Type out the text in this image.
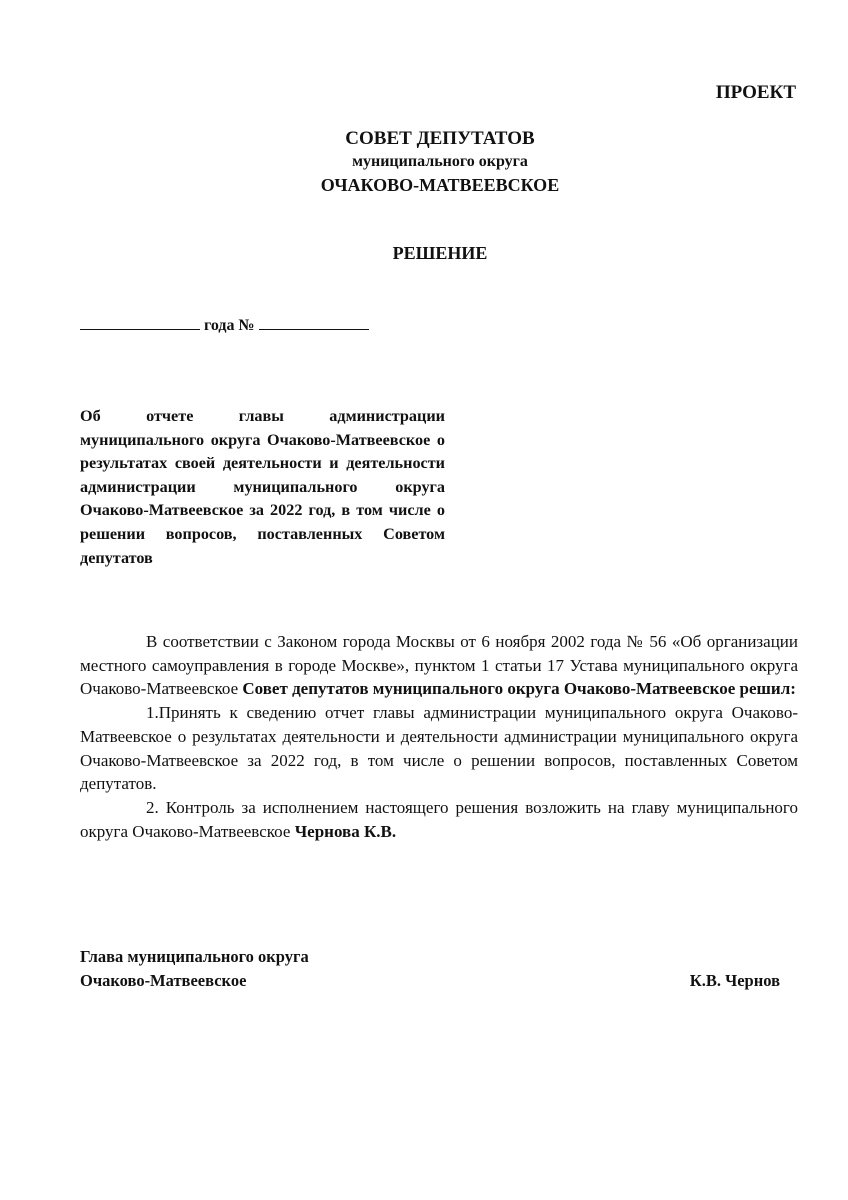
ПРОЕКТ
СОВЕТ ДЕПУТАТОВ
муниципального округа
ОЧАКОВО-МАТВЕЕВСКОЕ
РЕШЕНИЕ
года №
Об отчете главы администрации муниципального округа Очаково-Матвеевское о результатах своей деятельности и деятельности администрации муниципального округа Очаково-Матвеевское за 2022 год, в том числе о решении вопросов, поставленных Советом депутатов

В соответствии с Законом города Москвы от 6 ноября 2002 года № 56 «Об организации местного самоуправления в городе Москве», пунктом 1 статьи 17 Устава муниципального округа Очаково-Матвеевское Совет депутатов муниципального округа Очаково-Матвеевское решил:

1.Принять к сведению отчет главы администрации муниципального округа Очаково-Матвеевское о результатах деятельности и деятельности администрации муниципального округа Очаково-Матвеевское за 2022 год, в том числе о решении вопросов, поставленных Советом депутатов.

2. Контроль за исполнением настоящего решения возложить на главу муниципального округа Очаково-Матвеевское Чернова К.В.

Глава муниципального округа
Очаково-Матвеевское	К.В. Чернов
